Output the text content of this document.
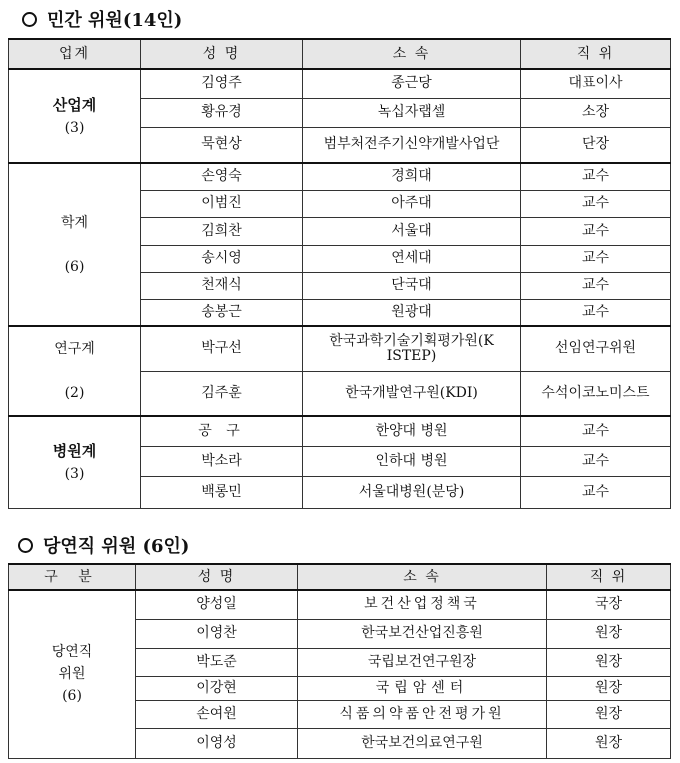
민간 위원(14인)
업계	성 명	소 속	직 위
산업계
(3)	김영주	종근당	대표이사
	황유경	녹십자랩셀	소장
	묵현상	범부처전주기신약개발사업단	단장
학계

(6)	손영숙	경희대	교수
	이범진	아주대	교수
	김희찬	서울대	교수
	송시영	연세대	교수
	천재식	단국대	교수
	송봉근	원광대	교수
연구계

(2)	박구선	한국과학기술기획평가원(KISTEP)	선임연구위원
	김주훈	한국개발연구원(KDI)	수석이코노미스트
병원계
(3)	공 구	한양대 병원	교수
	박소라	인하대 병원	교수
	백롱민	서울대병원(분당)	교수
당연직 위원 (6인)
구 분	성 명	소 속	직 위
당연직 위원
(6)	양성일	보건산업정책국	국장
	이영찬	한국보건산업진흥원	원장
	박도준	국립보건연구원장	원장
	이강현	국립암센터	원장
	손여원	식품의약품안전평가원	원장
	이영성	한국보건의료연구원	원장
